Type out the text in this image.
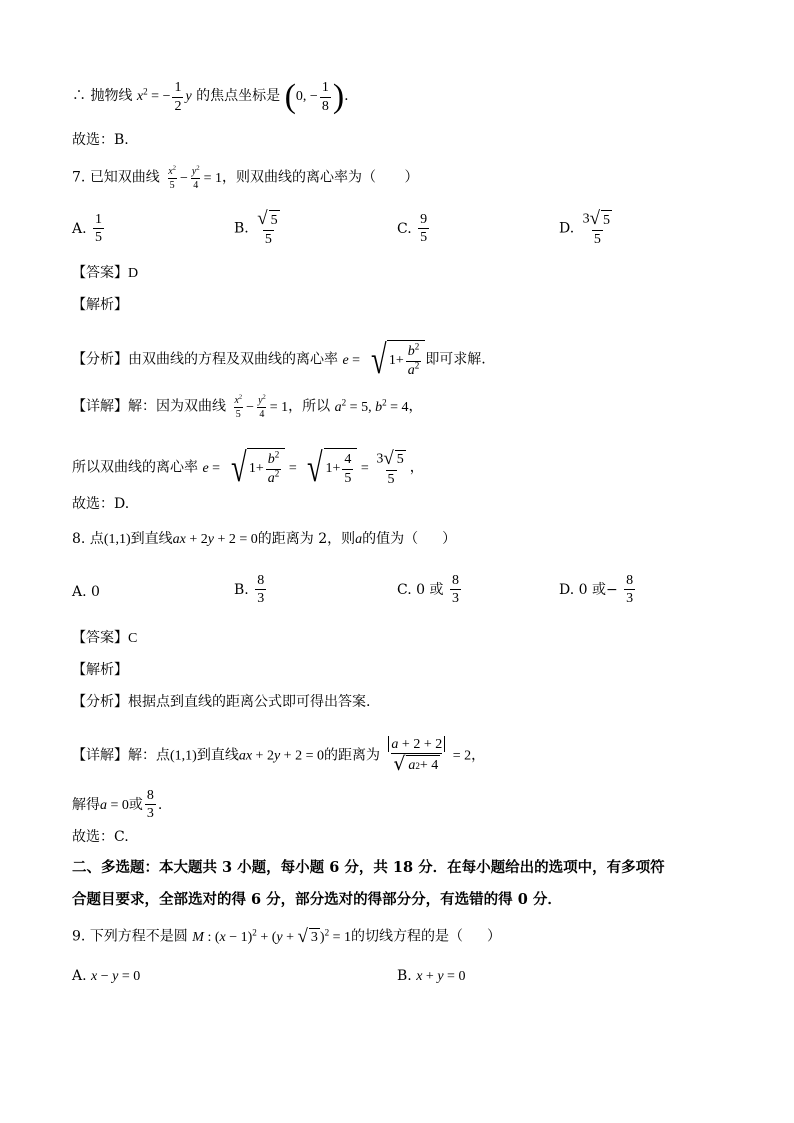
∴ 抛物线 $x^2$ = − $\frac{1}{2}$ y 的焦点坐标是 (0, − $\frac{1}{8}$ ).
故选：B.
7. 已知双曲线 $\frac{x^2}{5} - \frac{y^2}{4} = 1$，则双曲线的离心率为（ ）
A. $\frac{1}{5}$	B. $\frac{√ 5}{5}$	C. $\frac{9}{5}$	D. $\frac{3 √ 5}{5}$
【答案】D
【解析】
【分析】由双曲线的方程及双曲线的离心率 e = √ $1+ \frac{b^2}{a^2}$ 即可求解.
【详解】解：因为双曲线 $\frac{x^2}{5} - \frac{y^2}{4} = 1$，所以 $a^2 = 5$, $b^2 = 4$，
所以双曲线的离心率 e = √ $1+ \frac{b^2}{a^2}$ = √ $1+ \frac{4}{5} = \frac{3 √ 5}{5}$ ，
故选：D.
8. 点(1,1)到直线ax + 2y + 2 = 0的距离为 2，则a的值为（ ）
A. 0	B. $\frac{8}{3}$	C. 0 或 $\frac{8}{3}$	D. 0 或− $\frac{8}{3}$
【答案】C
【解析】
【分析】根据点到直线的距离公式即可得出答案.
【详解】解：点(1,1)到直线ax + 2y + 2 = 0的距离为 $\frac{a + 2 + 2}{√ a 2 + 4} = 2$，
解得a = 0或 $\frac{8}{3}$ .
故选：C.
二、多选题：本大题共 3 小题，每小题 6 分，共 18 分．在每小题给出的选项中，有多项符
合题目要求，全部选对的得 6 分，部分选对的得部分分，有选错的得 0 分．
9. 下列方程不是圆 M : $(x - 1)^2 + (y$ + √ 3 )$^2$ = 1的切线方程的是（ ）
A. x − y = 0	B. x + y = 0
